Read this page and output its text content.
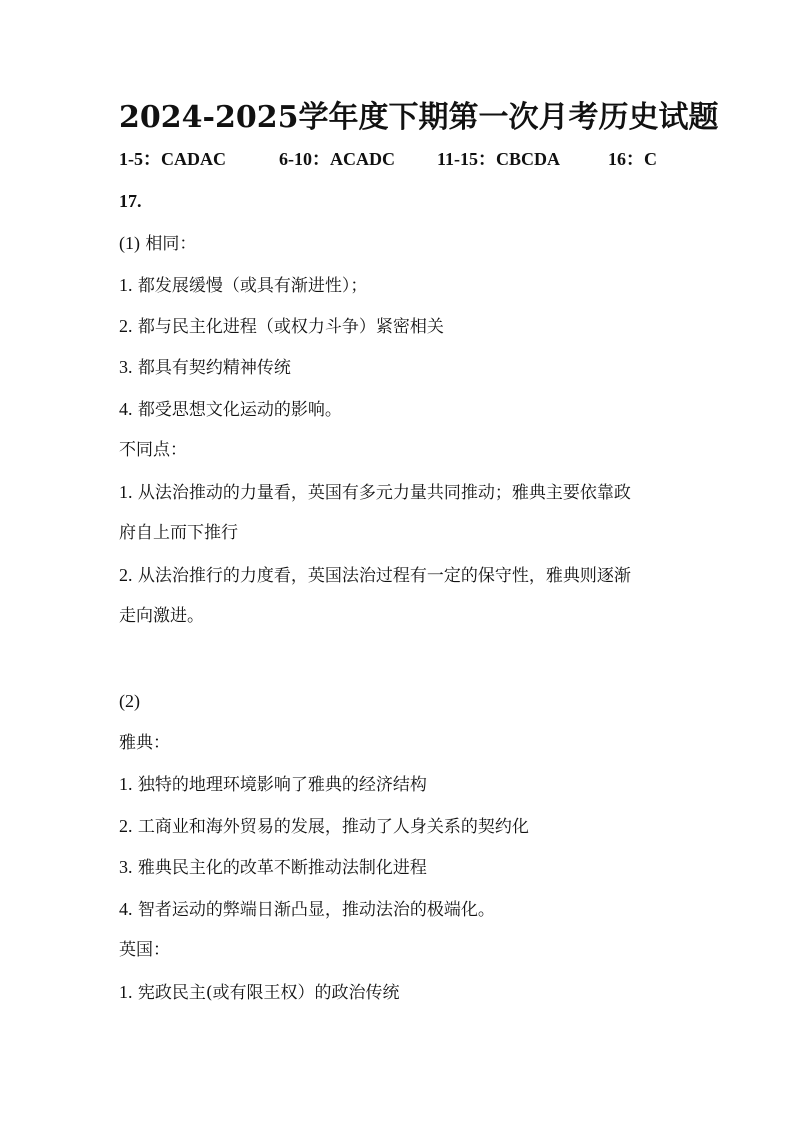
2024-2025学年度下期第一次月考历史试题
1-5：CADAC	6-10：ACADC 11-15：CBCDA	16：C
17.
(1) 相同：
1. 都发展缓慢（或具有渐进性）；
2. 都与民主化进程（或权力斗争）紧密相关
3. 都具有契约精神传统
4. 都受思想文化运动的影响。
不同点：
1. 从法治推动的力量看，英国有多元力量共同推动；雅典主要依靠政
府自上而下推行
2. 从法治推行的力度看，英国法治过程有一定的保守性，雅典则逐渐
走向激进。
(2)
雅典：
1. 独特的地理环境影响了雅典的经济结构
2. 工商业和海外贸易的发展，推动了人身关系的契约化
3. 雅典民主化的改革不断推动法制化进程
4. 智者运动的弊端日渐凸显，推动法治的极端化。
英国：
1. 宪政民主(或有限王权）的政治传统
